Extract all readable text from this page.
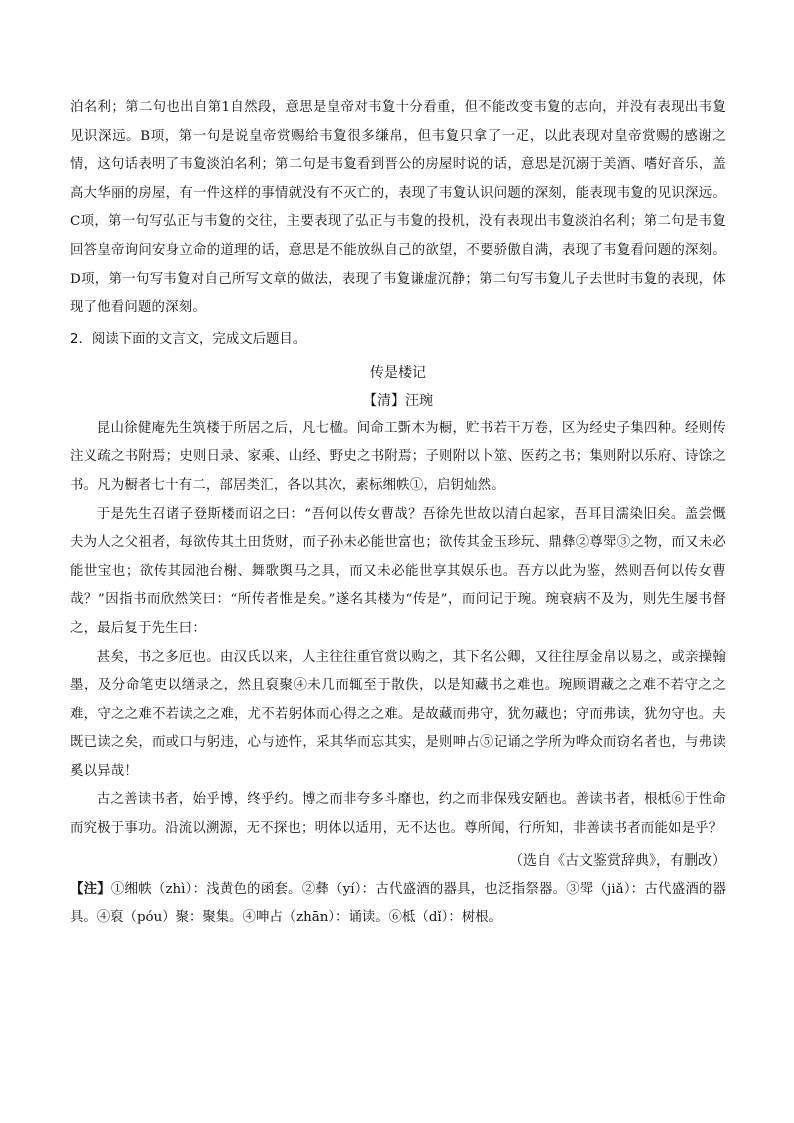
泊名利；第二句也出自第1自然段，意思是皇帝对韦夐十分看重，但不能改变韦夐的志向，并没有表现出韦夐见识深远。B项，第一句是说皇帝赏赐给韦夐很多缣帛，但韦夐只拿了一疋，以此表现对皇帝赏赐的感谢之情，这句话表明了韦夐淡泊名利；第二句是韦夐看到晋公的房屋时说的话，意思是沉溺于美酒、嗜好音乐，盖高大华丽的房屋，有一件这样的事情就没有不灭亡的，表现了韦夐认识问题的深刻，能表现韦夐的见识深远。C项，第一句写弘正与韦夐的交往，主要表现了弘正与韦夐的投机，没有表现出韦夐淡泊名利；第二句是韦夐回答皇帝询问安身立命的道理的话，意思是不能放纵自己的欲望，不要骄傲自满，表现了韦夐看问题的深刻。D项，第一句写韦夐对自己所写文章的做法，表现了韦夐谦虚沉静；第二句写韦夐儿子去世时韦夐的表现，体现了他看问题的深刻。

2．阅读下面的文言文，完成文后题目。

传是楼记

【清】汪琬

昆山徐健庵先生筑楼于所居之后，凡七楹。间命工斲木为橱，贮书若干万卷，区为经史子集四种。经则传注义疏之书附焉；史则日录、家乘、山经、野史之书附焉；子则附以卜筮、医药之书；集则附以乐府、诗馀之书。凡为橱者七十有二，部居类汇，各以其次，素标缃帙①，启钥灿然。

于是先生召诸子登斯楼而诏之曰：“吾何以传女曹哉？吾徐先世故以清白起家，吾耳目濡染旧矣。盖尝慨夫为人之父祖者，每欲传其土田货财，而子孙未必能世富也；欲传其金玉珍玩、鼎彝②尊斝③之物，而又未必能世宝也；欲传其园池台榭、舞歌舆马之具，而又未必能世享其娱乐也。吾方以此为鉴，然则吾何以传女曹哉？”因指书而欣然笑曰：“所传者惟是矣。”遂名其楼为“传是”，而问记于琬。琬衰病不及为，则先生屡书督之，最后复于先生曰：

甚矣，书之多厄也。由汉氏以来，人主往往重官赏以购之，其下名公卿，又往往厚金帛以易之，或亲操翰墨，及分命笔吏以缮录之，然且裒聚④未几而辄至于散佚，以是知藏书之难也。琬顾谓藏之之难不若守之之难，守之之难不若读之之难，尤不若躬体而心得之之难。是故藏而弗守，犹勿藏也；守而弗读，犹勿守也。夫既已读之矣，而或口与躬违，心与迹忤，采其华而忘其实，是则呻占⑤记诵之学所为哗众而窃名者也，与弗读奚以异哉！

古之善读书者，始乎博，终乎约。博之而非夸多斗靡也，约之而非保残安陋也。善读书者，根柢⑥于性命而究极于事功。沿流以溯源，无不探也；明体以适用，无不达也。尊所闻，行所知，非善读书者而能如是乎？

（选自《古文鉴赏辞典》，有删改）

【注】①缃帙（zhì）：浅黄色的函套。②彝（yí）：古代盛酒的器具，也泛指祭器。③斝（jiǎ）：古代盛酒的器具。④裒（póu）聚：聚集。④呻占（zhān）：诵读。⑥柢（dǐ）：树根。
